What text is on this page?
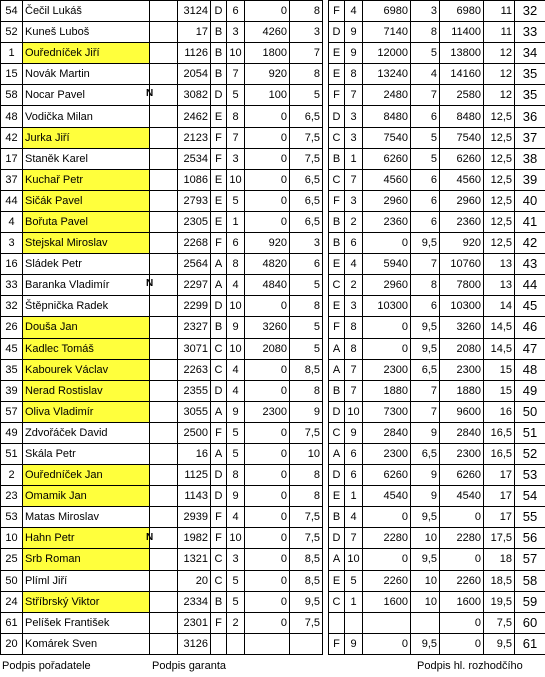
54	Čečil Lukáš		3124	D	6	0	8		F	4	6980	3	6980	11	32
52	Kuneš Luboš		17	B	3	4260	3		D	9	7140	8	11400	11	33
1	Ouředníček Jiří		1126	B	10	1800	7		E	9	12000	5	13800	12	34
15	Novák Martin		2054	B	7	920	8		E	8	13240	4	14160	12	35
58	Nocar Pavel		3082	D	5	100	5		F	7	2480	7	2580	12	35
48	Vodička Milan		2462	E	8	0	6,5		D	3	8480	6	8480	12,5	36
42	Jurka Jiří		2123	F	7	0	7,5		C	3	7540	5	7540	12,5	37
17	Staněk Karel		2534	F	3	0	7,5		B	1	6260	5	6260	12,5	38
37	Kuchař Petr		1086	E	10	0	6,5		C	7	4560	6	4560	12,5	39
44	Sičák Pavel		2793	E	5	0	6,5		F	3	2960	6	2960	12,5	40
4	Bořuta Pavel		2305	E	1	0	6,5		B	2	2360	6	2360	12,5	41
3	Stejskal Miroslav		2268	F	6	920	3		B	6	0	9,5	920	12,5	42
16	Sládek Petr		2564	A	8	4820	6		E	4	5940	7	10760	13	43
33	Baranka Vladimír		2297	A	4	4840	5		C	2	2960	8	7800	13	44
32	Štěpnička Radek		2299	D	10	0	8		E	3	10300	6	10300	14	45
26	Douša Jan		2327	B	9	3260	5		F	8	0	9,5	3260	14,5	46
45	Kadlec Tomáš		3071	C	10	2080	5		A	8	0	9,5	2080	14,5	47
35	Kabourek Václav		2263	C	4	0	8,5		A	7	2300	6,5	2300	15	48
39	Nerad Rostislav		2355	D	4	0	8		B	7	1880	7	1880	15	49
57	Oliva Vladimír		3055	A	9	2300	9		D	10	7300	7	9600	16	50
49	Zdvořáček David		2500	F	5	0	7,5		C	9	2840	9	2840	16,5	51
51	Skála Petr		16	A	5	0	10		A	6	2300	6,5	2300	16,5	52
2	Ouředníček Jan		1125	D	8	0	8		D	6	6260	9	6260	17	53
23	Omamik Jan		1143	D	9	0	8		E	1	4540	9	4540	17	54
53	Matas Miroslav		2939	F	4	0	7,5		B	4	0	9,5	0	17	55
10	Hahn Petr		1982	F	10	0	7,5		D	7	2280	10	2280	17,5	56
25	Srb Roman		1321	C	3	0	8,5		A	10	0	9,5	0	18	57
50	Plíml Jiří		20	C	5	0	8,5		E	5	2260	10	2260	18,5	58
24	Stříbrský Viktor		2334	B	5	0	9,5		C	1	1600	10	1600	19,5	59
61	Pelíšek František		2301	F	2	0	7,5						0	7,5	60
20	Komárek Sven		3126						F	9	0	9,5	0	9,5	61
Podpis pořadatele	Podpis garanta	Podpis hl. rozhodčího
N
N
N
